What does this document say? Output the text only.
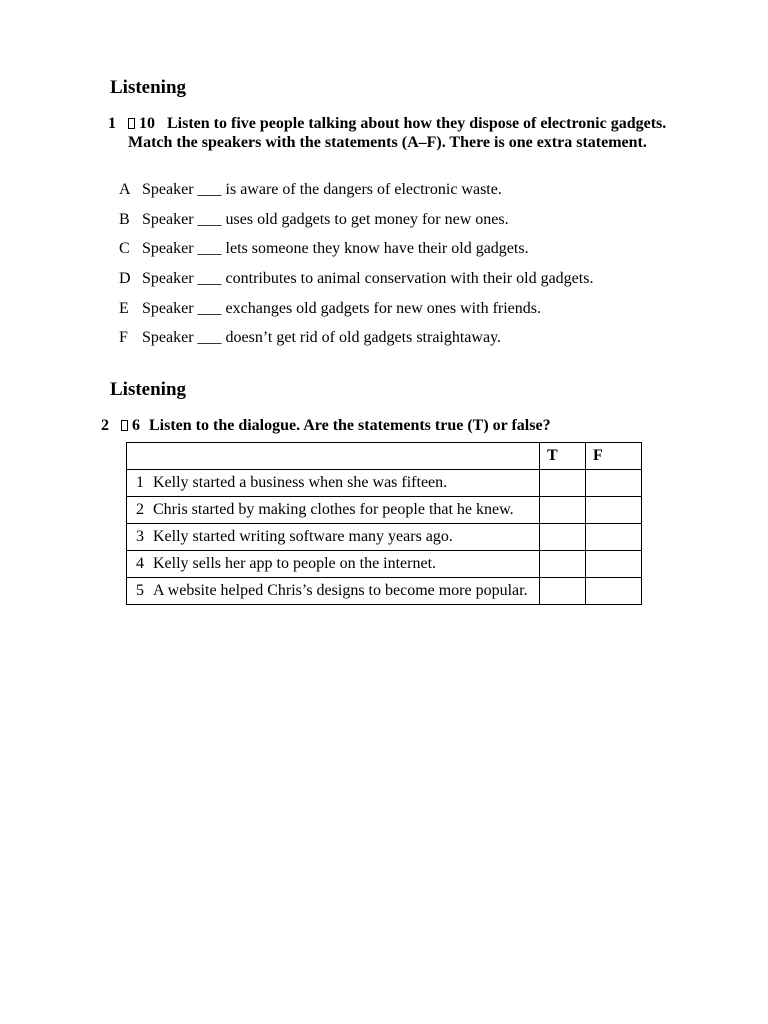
Listening
1 10 Listen to five people talking about how they dispose of electronic gadgets. Match the speakers with the statements (A–F). There is one extra statement.
A Speaker ___ is aware of the dangers of electronic waste.
B Speaker ___ uses old gadgets to get money for new ones.
C Speaker ___ lets someone they know have their old gadgets.
D Speaker ___ contributes to animal conservation with their old gadgets.
E Speaker ___ exchanges old gadgets for new ones with friends.
F Speaker ___ doesn’t get rid of old gadgets straightaway.
Listening
2 6 Listen to the dialogue. Are the statements true (T) or false?
	T	F

1 Kelly started a business when she was fifteen.		

2 Chris started by making clothes for people that he knew.		

3 Kelly started writing software many years ago.		

4 Kelly sells her app to people on the internet.		

5 A website helped Chris’s designs to become more popular.		
